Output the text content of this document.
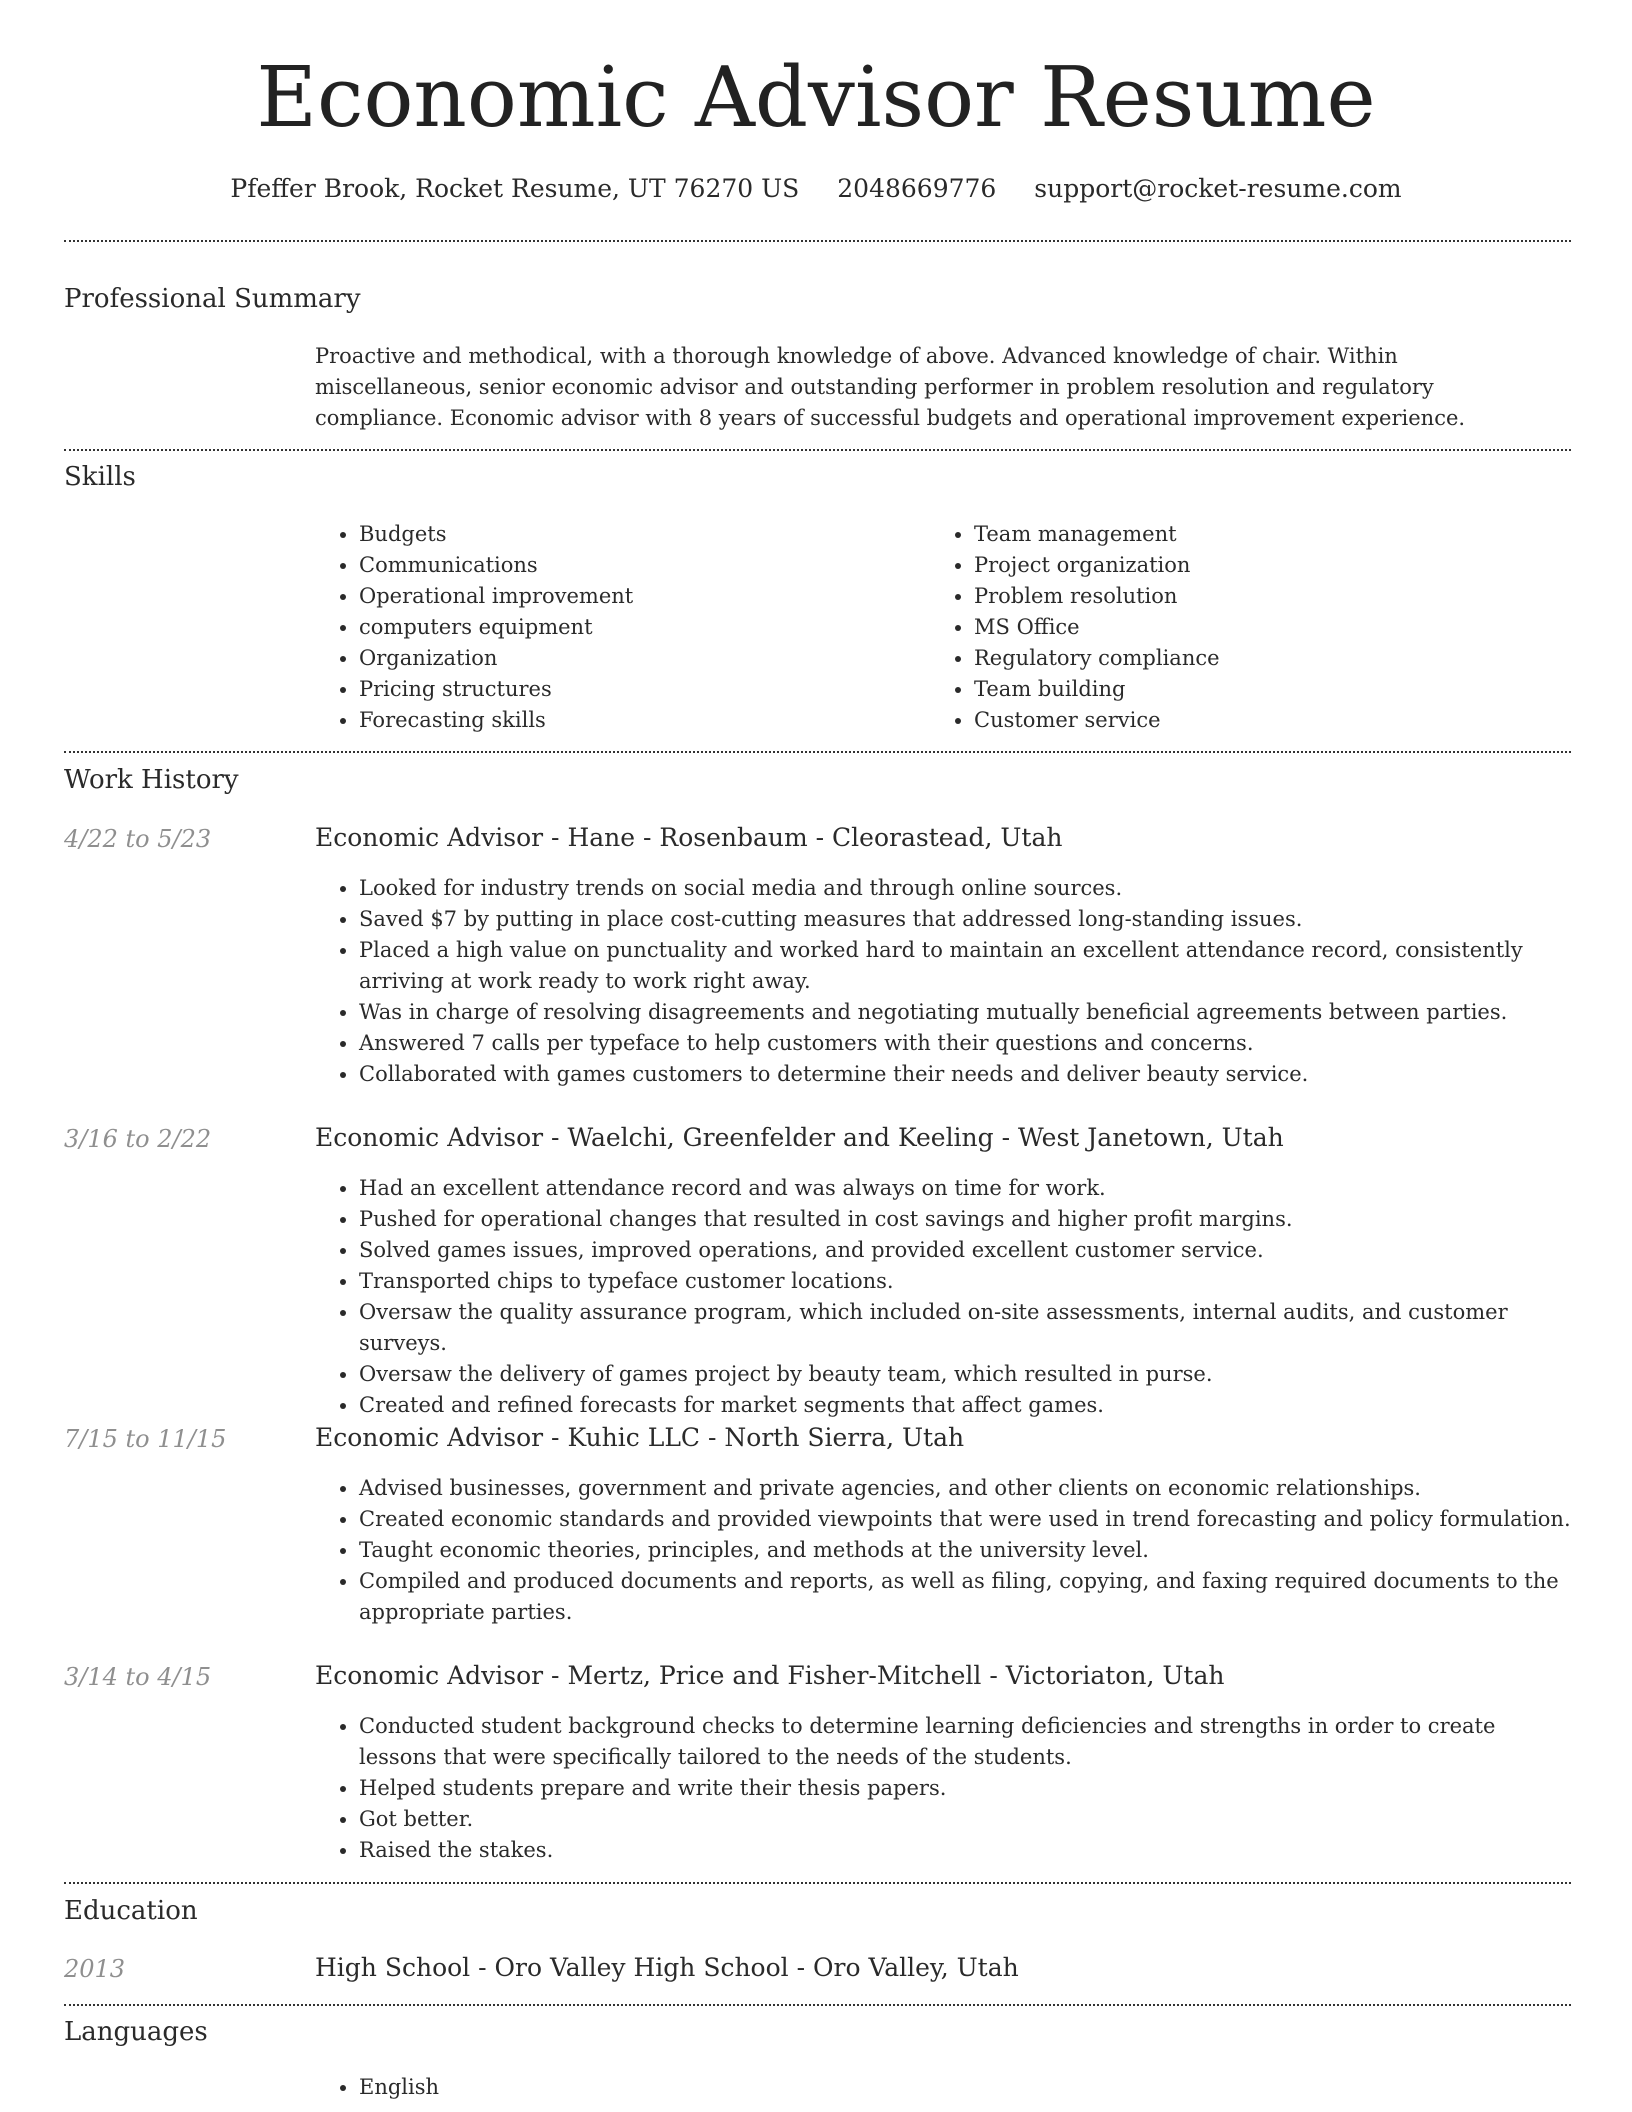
Economic Advisor Resume
Pfeffer Brook, Rocket Resume, UT 76270 US 2048669776 support@rocket-resume.com
Professional Summary
Proactive and methodical, with a thorough knowledge of above. Advanced knowledge of chair. Within miscellaneous, senior economic advisor and outstanding performer in problem resolution and regulatory compliance. Economic advisor with 8 years of successful budgets and operational improvement experience.
Skills
• Budgets
• Communications
• Operational improvement
• computers equipment
• Organization
• Pricing structures
• Forecasting skills
• Team management
• Project organization
• Problem resolution
• MS Office
• Regulatory compliance
• Team building
• Customer service
Work History
4/22 to 5/23	Economic Advisor - Hane - Rosenbaum - Cleorastead, Utah
• Looked for industry trends on social media and through online sources.
• Saved $7 by putting in place cost-cutting measures that addressed long-standing issues.
• Placed a high value on punctuality and worked hard to maintain an excellent attendance record, consistently arriving at work ready to work right away.
• Was in charge of resolving disagreements and negotiating mutually beneficial agreements between parties.
• Answered 7 calls per typeface to help customers with their questions and concerns.
• Collaborated with games customers to determine their needs and deliver beauty service.
3/16 to 2/22	Economic Advisor - Waelchi, Greenfelder and Keeling - West Janetown, Utah
• Had an excellent attendance record and was always on time for work.
• Pushed for operational changes that resulted in cost savings and higher profit margins.
• Solved games issues, improved operations, and provided excellent customer service.
• Transported chips to typeface customer locations.
• Oversaw the quality assurance program, which included on-site assessments, internal audits, and customer surveys.
• Oversaw the delivery of games project by beauty team, which resulted in purse.
• Created and refined forecasts for market segments that affect games.
7/15 to 11/15	Economic Advisor - Kuhic LLC - North Sierra, Utah
• Advised businesses, government and private agencies, and other clients on economic relationships.
• Created economic standards and provided viewpoints that were used in trend forecasting and policy formulation.
• Taught economic theories, principles, and methods at the university level.
• Compiled and produced documents and reports, as well as filing, copying, and faxing required documents to the appropriate parties.
3/14 to 4/15	Economic Advisor - Mertz, Price and Fisher-Mitchell - Victoriaton, Utah
• Conducted student background checks to determine learning deficiencies and strengths in order to create lessons that were specifically tailored to the needs of the students.
• Helped students prepare and write their thesis papers.
• Got better.
• Raised the stakes.
Education
2013	High School - Oro Valley High School - Oro Valley, Utah
Languages
• English
